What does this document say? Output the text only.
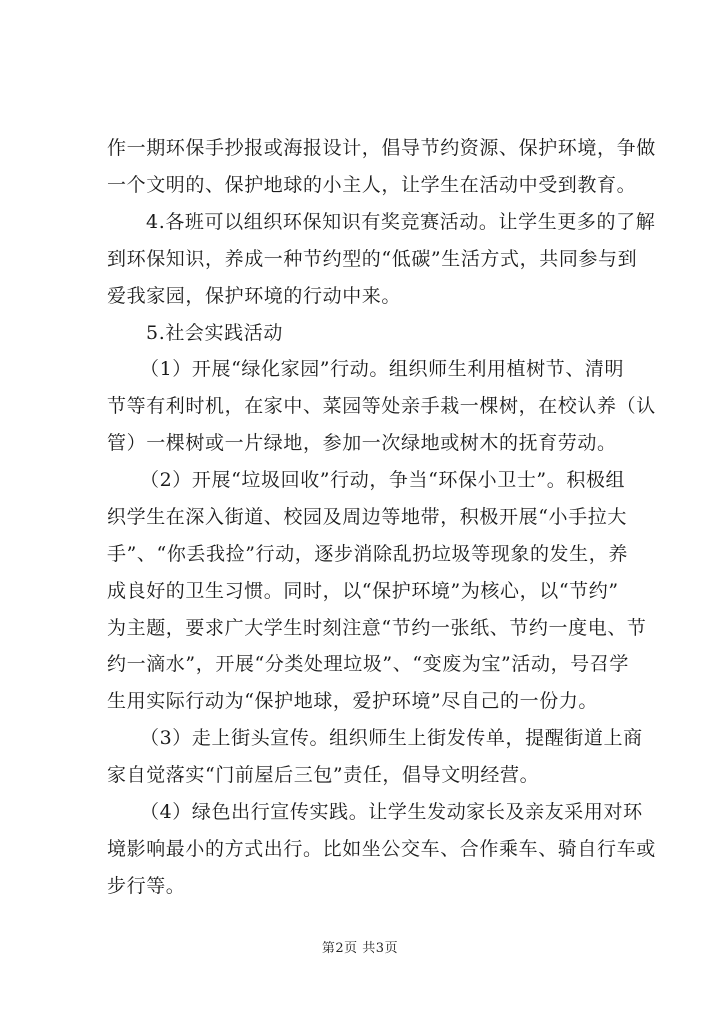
作一期环保手抄报或海报设计，倡导节约资源、保护环境，争做
一个文明的、保护地球的小主人，让学生在活动中受到教育。
4.各班可以组织环保知识有奖竞赛活动。让学生更多的了解
到环保知识，养成一种节约型的“低碳”生活方式，共同参与到
爱我家园，保护环境的行动中来。
5.社会实践活动
（1）开展“绿化家园”行动。组织师生利用植树节、清明
节等有利时机，在家中、菜园等处亲手栽一棵树，在校认养（认
管）一棵树或一片绿地，参加一次绿地或树木的抚育劳动。
（2）开展“垃圾回收”行动，争当“环保小卫士”。积极组
织学生在深入街道、校园及周边等地带，积极开展“小手拉大
手”、“你丢我捡”行动，逐步消除乱扔垃圾等现象的发生，养
成良好的卫生习惯。同时，以“保护环境”为核心，以“节约”
为主题，要求广大学生时刻注意“节约一张纸、节约一度电、节
约一滴水”，开展“分类处理垃圾”、“变废为宝”活动，号召学
生用实际行动为“保护地球，爱护环境”尽自己的一份力。
（3）走上街头宣传。组织师生上街发传单，提醒街道上商
家自觉落实“门前屋后三包”责任，倡导文明经营。
（4）绿色出行宣传实践。让学生发动家长及亲友采用对环
境影响最小的方式出行。比如坐公交车、合作乘车、骑自行车或
步行等。
第2页 共3页
